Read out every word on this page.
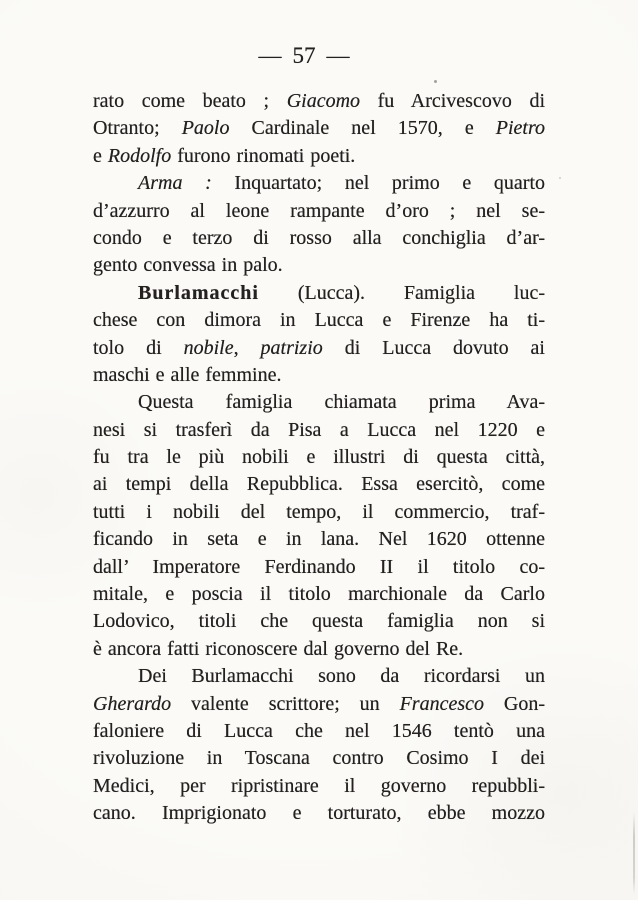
— 57 —
rato come beato ; Giacomo fu Arcivescovo di
Otranto; Paolo Cardinale nel 1570, e Pietro
e Rodolfo furono rinomati poeti.
Arma : Inquartato; nel primo e quarto
d’azzurro al leone rampante d’oro ; nel se-
condo e terzo di rosso alla conchiglia d’ar-
gento convessa in palo.
Burlamacchi (Lucca). Famiglia luc-
chese con dimora in Lucca e Firenze ha ti-
tolo di nobile, patrizio di Lucca dovuto ai
maschi e alle femmine.
Questa famiglia chiamata prima Ava-
nesi si trasferì da Pisa a Lucca nel 1220 e
fu tra le più nobili e illustri di questa città,
ai tempi della Repubblica. Essa esercitò, come
tutti i nobili del tempo, il commercio, traf-
ficando in seta e in lana. Nel 1620 ottenne
dall’ Imperatore Ferdinando II il titolo co-
mitale, e poscia il titolo marchionale da Carlo
Lodovico, titoli che questa famiglia non si
è ancora fatti riconoscere dal governo del Re.
Dei Burlamacchi sono da ricordarsi un
Gherardo valente scrittore; un Francesco Gon-
faloniere di Lucca che nel 1546 tentò una
rivoluzione in Toscana contro Cosimo I dei
Medici, per ripristinare il governo repubbli-
cano. Imprigionato e torturato, ebbe mozzo
